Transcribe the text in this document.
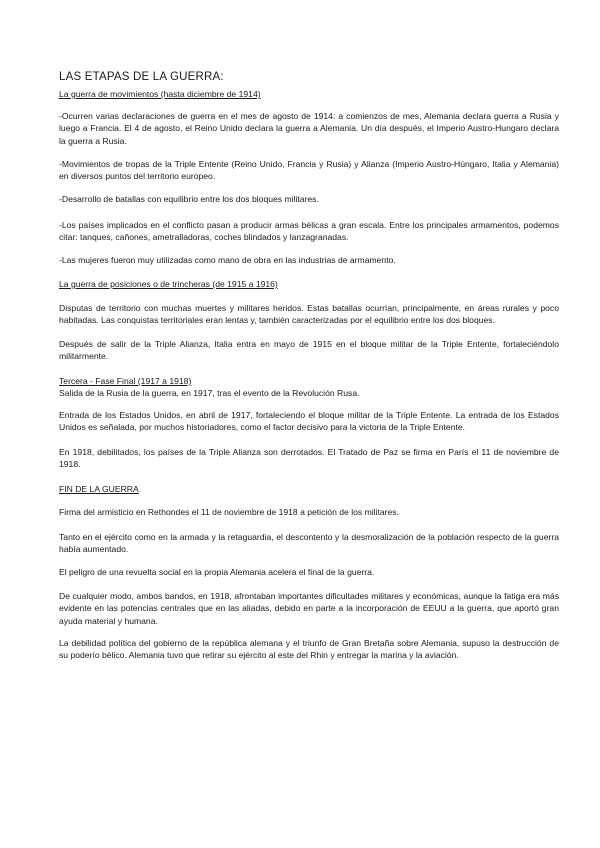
LAS ETAPAS DE LA GUERRA:

La guerra de movimientos (hasta diciembre de 1914)

-Ocurren varias declaraciones de guerra en el mes de agosto de 1914: a comienzos de mes, Alemania declara guerra a Rusia y luego a Francia. El 4 de agosto, el Reino Unido declara la guerra a Alemania. Un día después, el Imperio Austro-Hungaro declara la guerra a Rusia.

-Movimientos de tropas de la Triple Entente (Reino Unido, Francia y Rusia) y Alianza (Imperio Austro-Húngaro, Italia y Alemania) en diversos puntos del territorio europeo.

-Desarrollo de batallas con equilibrio entre los dos bloques militares.

-Los países implicados en el conflicto pasan a producir armas bélicas a gran escala. Entre los principales armamentos, podemos citar: tanques, cañones, ametralladoras, coches blindados y lanzagranadas.

-Las mujeres fueron muy utilizadas como mano de obra en las industrias de armamento.

La guerra de posiciones o de trincheras (de 1915 a 1916)

Disputas de territorio con muchas muertes y militares heridos. Estas batallas ocurrían, principalmente, en áreas rurales y poco habitadas. Las conquistas territoriales eran lentas y, también caracterizadas por el equilibrio entre los dos bloques.

Después de salir de la Triple Alianza, Italia entra en mayo de 1915 en el bloque militar de la Triple Entente, fortaleciéndolo militarmente.

Tercera - Fase Final (1917 a 1918)

Salida de la Rusia de la guerra, en 1917, tras el evento de la Revolución Rusa.

Entrada de los Estados Unidos, en abril de 1917, fortaleciendo el bloque militar de la Triple Entente. La entrada de los Estados Unidos es señalada, por muchos historiadores, como el factor decisivo para la victoria de la Triple Entente.

En 1918, debilitados, los países de la Triple Alianza son derrotados. El Tratado de Paz se firma en París el 11 de noviembre de 1918.

FIN DE LA GUERRA

Firma del armisticio en Rethondes el 11 de noviembre de 1918 a petición de los militares.

Tanto en el ejército como en la armada y la retaguardia, el descontento y la desmoralización de la población respecto de la guerra había aumentado.

El peligro de una revuelta social en la propia Alemania acelera el final de la guerra.

De cualquier modo, ambos bandos, en 1918, afrontaban importantes dificultades militares y económicas, aunque la fatiga era más evidente en las potencias centrales que en las aliadas, debido en parte a la incorporación de EEUU a la guerra, que aportó gran ayuda material y humana.

La debilidad política del gobierno de la república alemana y el triunfo de Gran Bretaña sobre Alemania, supuso la destrucción de su poderío bélico. Alemania tuvo que retirar su ejército al este del Rhin y entregar la marina y la aviación.
